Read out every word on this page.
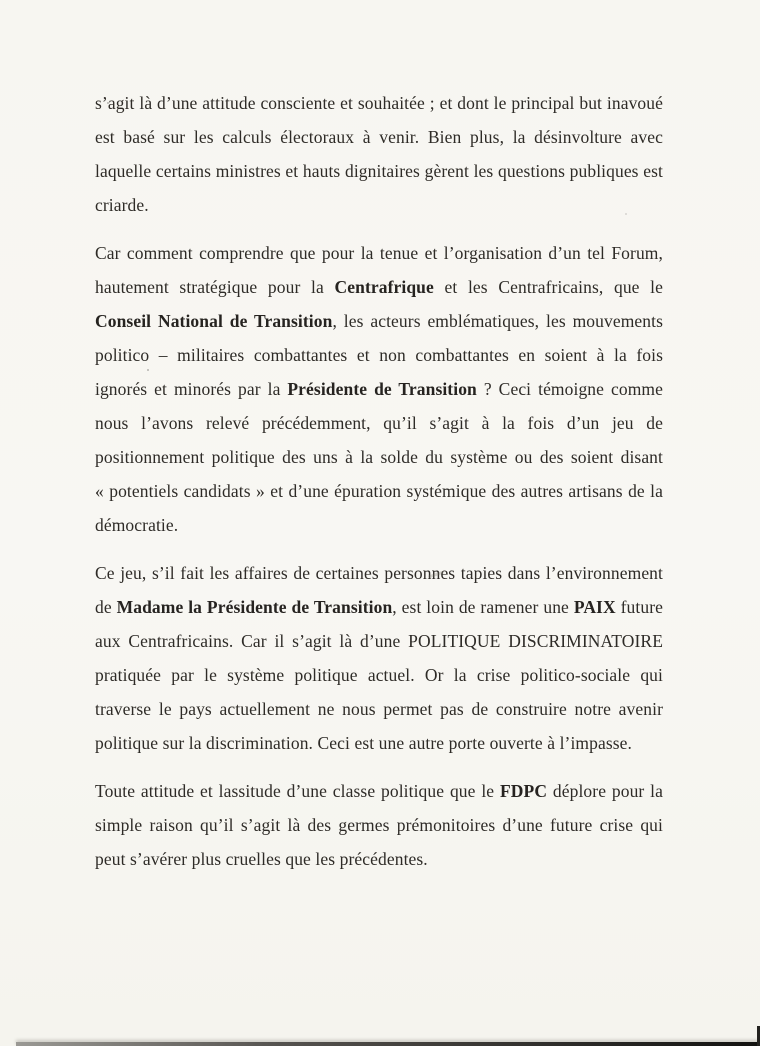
s’agit là d’une attitude consciente et souhaitée ; et dont le principal but inavoué est basé sur les calculs électoraux à venir. Bien plus, la désinvolture avec laquelle certains ministres et hauts dignitaires gèrent les questions publiques est criarde.

Car comment comprendre que pour la tenue et l’organisation d’un tel Forum, hautement stratégique pour la Centrafrique et les Centrafricains, que le Conseil National de Transition, les acteurs emblématiques, les mouvements politico – militaires combattantes et non combattantes en soient à la fois ignorés et minorés par la Présidente de Transition ? Ceci témoigne comme nous l’avons relevé précédemment, qu’il s’agit à la fois d’un jeu de positionnement politique des uns à la solde du système ou des soient disant « potentiels candidats » et d’une épuration systémique des autres artisans de la démocratie.

Ce jeu, s’il fait les affaires de certaines personnes tapies dans l’environnement de Madame la Présidente de Transition, est loin de ramener une PAIX future aux Centrafricains. Car il s’agit là d’une POLITIQUE DISCRIMINATOIRE pratiquée par le système politique actuel. Or la crise politico-sociale qui traverse le pays actuellement ne nous permet pas de construire notre avenir politique sur la discrimination. Ceci est une autre porte ouverte à l’impasse.

Toute attitude et lassitude d’une classe politique que le FDPC déplore pour la simple raison qu’il s’agit là des germes prémonitoires d’une future crise qui peut s’avérer plus cruelles que les précédentes.
